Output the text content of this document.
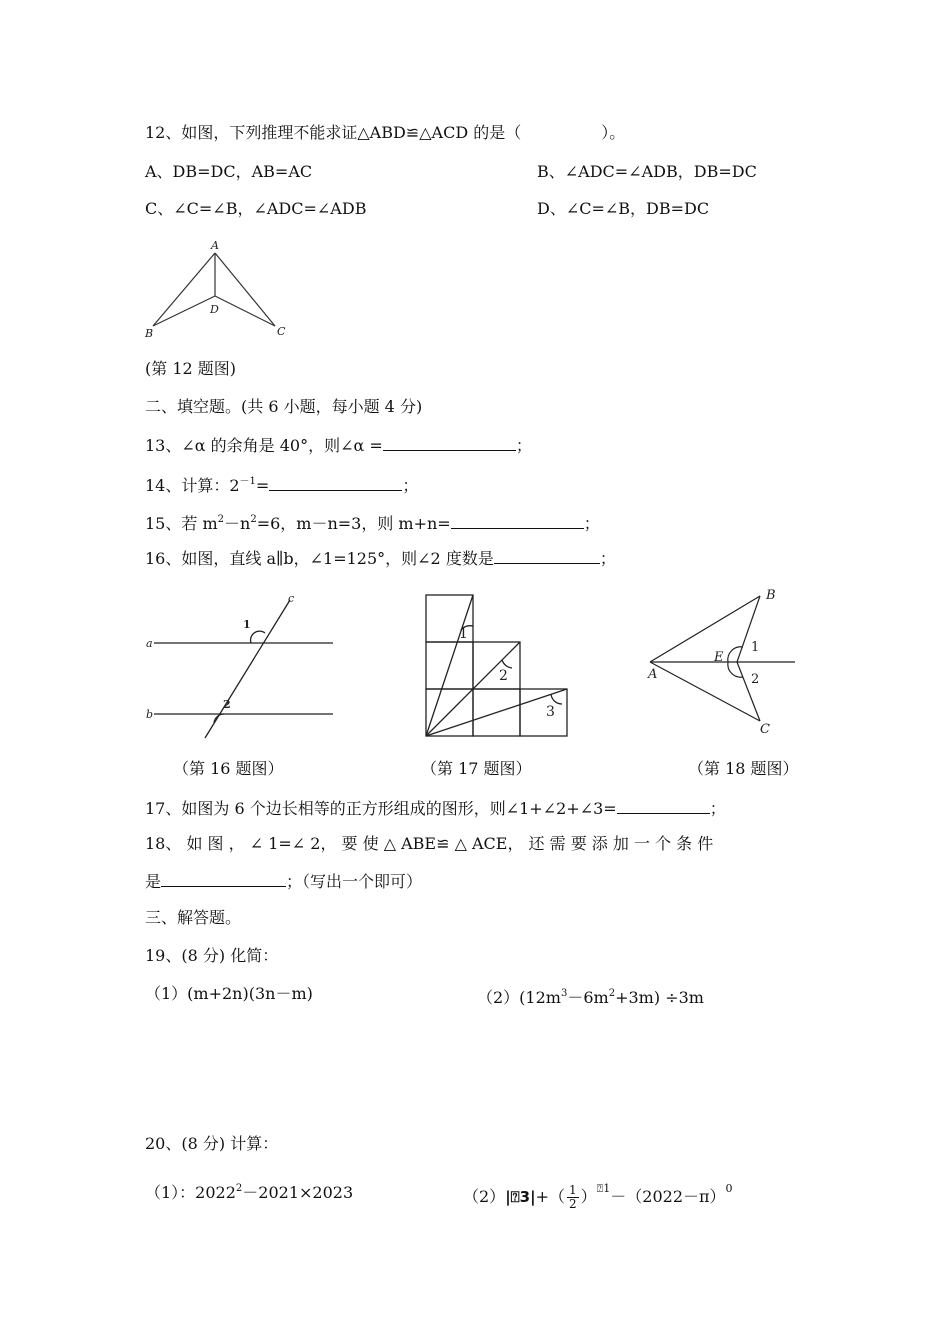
12、如图，下列推理不能求证△ABD≌△ACD 的是（　　　　　）。
A、DB=DC，AB=AC	B、∠ADC=∠ADB，DB=DC
C、∠C=∠B，∠ADC=∠ADB	D、∠C=∠B，DB=DC
A
B	C
D
(第 12 题图)
二、填空题。(共 6 小题，每小题 4 分)
13、∠α 的余角是 40°，则∠α =	；
14、计算：$2^{-1}=$	；
15、若 $m^2-n^2=6$，m－n=3，则 m+n=	；
16、如图，直线 a∥b，∠1=125°，则∠2 度数是	；
a
b
c
1
2
（第 16 题图）
1
2
3
（第 17 题图）
A
B
C
E
1
2
（第 18 题图）
17、如图为 6 个边长相等的正方形组成的图形，则∠1+∠2+∠3=	；
18、 如 图 ， ∠ 1=∠ 2， 要 使 △ ABE≌ △ ACE， 还 需 要 添 加 一 个 条 件
是	；（写出一个即可）
三、解答题。
19、(8 分) 化简：
（1）(m+2n)(3n－m)	$(2)(12m^3-6m^2+3m) \div 3m$
20、(8 分) 计算：
（1）：$2022^2-2021\times 2023$	（2）|⍰3|+（ $\frac{1}{2} )^{⍰1}-(2022-\pi)^0$
